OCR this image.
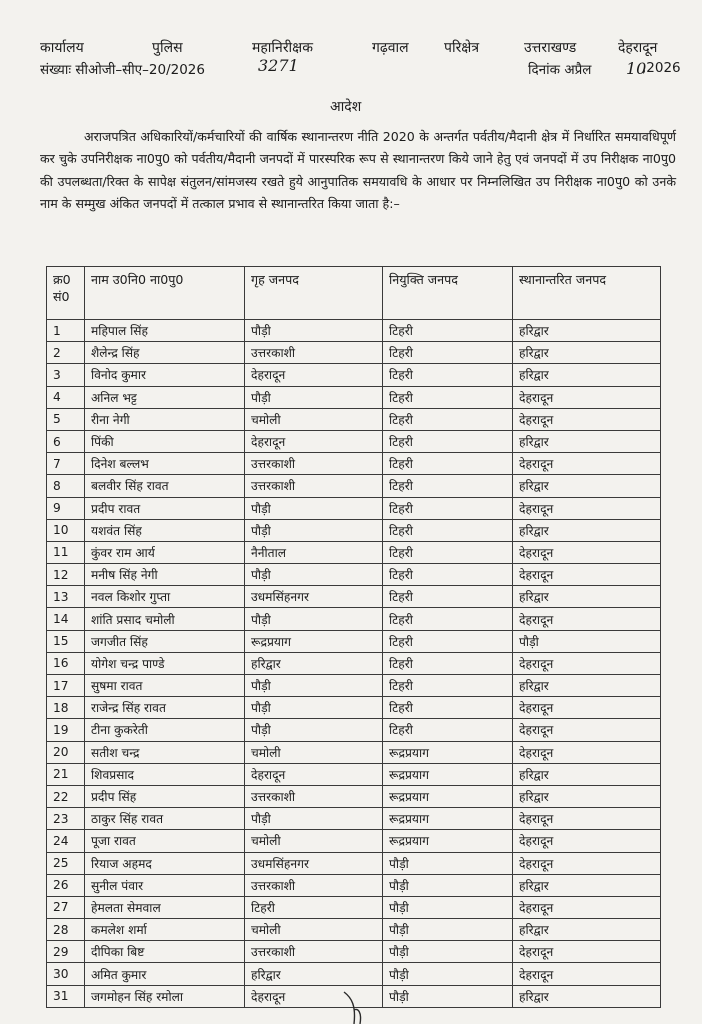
कार्यालय	पुलिस	महानिरीक्षक	गढ़वाल	परिक्षेत्र	उत्तराखण्ड	देहरादून
संख्याः सीओजी–सीए–20/2026	3271	दिनांक अप्रैल 10
,2026
आदेश
अराजपत्रित अधिकारियों/कर्मचारियों की वार्षिक स्थानान्तरण नीति 2020 के अन्तर्गत पर्वतीय/मैदानी क्षेत्र में निर्धारित समयावधिपूर्ण कर चुके उपनिरीक्षक ना0पु0 को पर्वतीय/मैदानी जनपदों में पारस्परिक रूप से स्थानान्तरण किये जाने हेतु एवं जनपदों में उप निरीक्षक ना0पु0 की उपलब्धता/रिक्त के सापेक्ष संतुलन/सांमजस्य रखते हुये आनुपातिक समयावधि के आधार पर निम्नलिखित उप निरीक्षक ना0पु0 को उनके नाम के सम्मुख अंकित जनपदों में तत्काल प्रभाव से स्थानान्तरित किया जाता है:–
क्र0
सं0	नाम उ0नि0 ना0पु0	गृह जनपद	नियुक्ति जनपद	स्थानान्तरित जनपद
1	महिपाल सिंह	पौड़ी	टिहरी	हरिद्वार
2	शैलेन्द्र सिंह	उत्तरकाशी	टिहरी	हरिद्वार
3	विनोद कुमार	देहरादून	टिहरी	हरिद्वार
4	अनिल भट्ट	पौड़ी	टिहरी	देहरादून
5	रीना नेगी	चमोली	टिहरी	देहरादून
6	पिंकी	देहरादून	टिहरी	हरिद्वार
7	दिनेश बल्लभ	उत्तरकाशी	टिहरी	देहरादून
8	बलवीर सिंह रावत	उत्तरकाशी	टिहरी	हरिद्वार
9	प्रदीप रावत	पौड़ी	टिहरी	देहरादून
10	यशवंत सिंह	पौड़ी	टिहरी	हरिद्वार
11	कुंवर राम आर्य	नैनीताल	टिहरी	देहरादून
12	मनीष सिंह नेगी	पौड़ी	टिहरी	देहरादून
13	नवल किशोर गुप्ता	उधमसिंहनगर	टिहरी	हरिद्वार
14	शांति प्रसाद चमोली	पौड़ी	टिहरी	देहरादून
15	जगजीत सिंह	रूद्रप्रयाग	टिहरी	पौड़ी
16	योगेश चन्द्र पाण्डे	हरिद्वार	टिहरी	देहरादून
17	सुषमा रावत	पौड़ी	टिहरी	हरिद्वार
18	राजेन्द्र सिंह रावत	पौड़ी	टिहरी	देहरादून
19	टीना कुकरेती	पौड़ी	टिहरी	देहरादून
20	सतीश चन्द्र	चमोली	रूद्रप्रयाग	देहरादून
21	शिवप्रसाद	देहरादून	रूद्रप्रयाग	हरिद्वार
22	प्रदीप सिंह	उत्तरकाशी	रूद्रप्रयाग	हरिद्वार
23	ठाकुर सिंह रावत	पौड़ी	रूद्रप्रयाग	देहरादून
24	पूजा रावत	चमोली	रूद्रप्रयाग	देहरादून
25	रियाज अहमद	उधमसिंहनगर	पौड़ी	देहरादून
26	सुनील पंवार	उत्तरकाशी	पौड़ी	हरिद्वार
27	हेमलता सेमवाल	टिहरी	पौड़ी	देहरादून
28	कमलेश शर्मा	चमोली	पौड़ी	हरिद्वार
29	दीपिका बिष्ट	उत्तरकाशी	पौड़ी	देहरादून
30	अमित कुमार	हरिद्वार	पौड़ी	देहरादून
31	जगमोहन सिंह रमोला	देहरादून	पौड़ी	हरिद्वार
